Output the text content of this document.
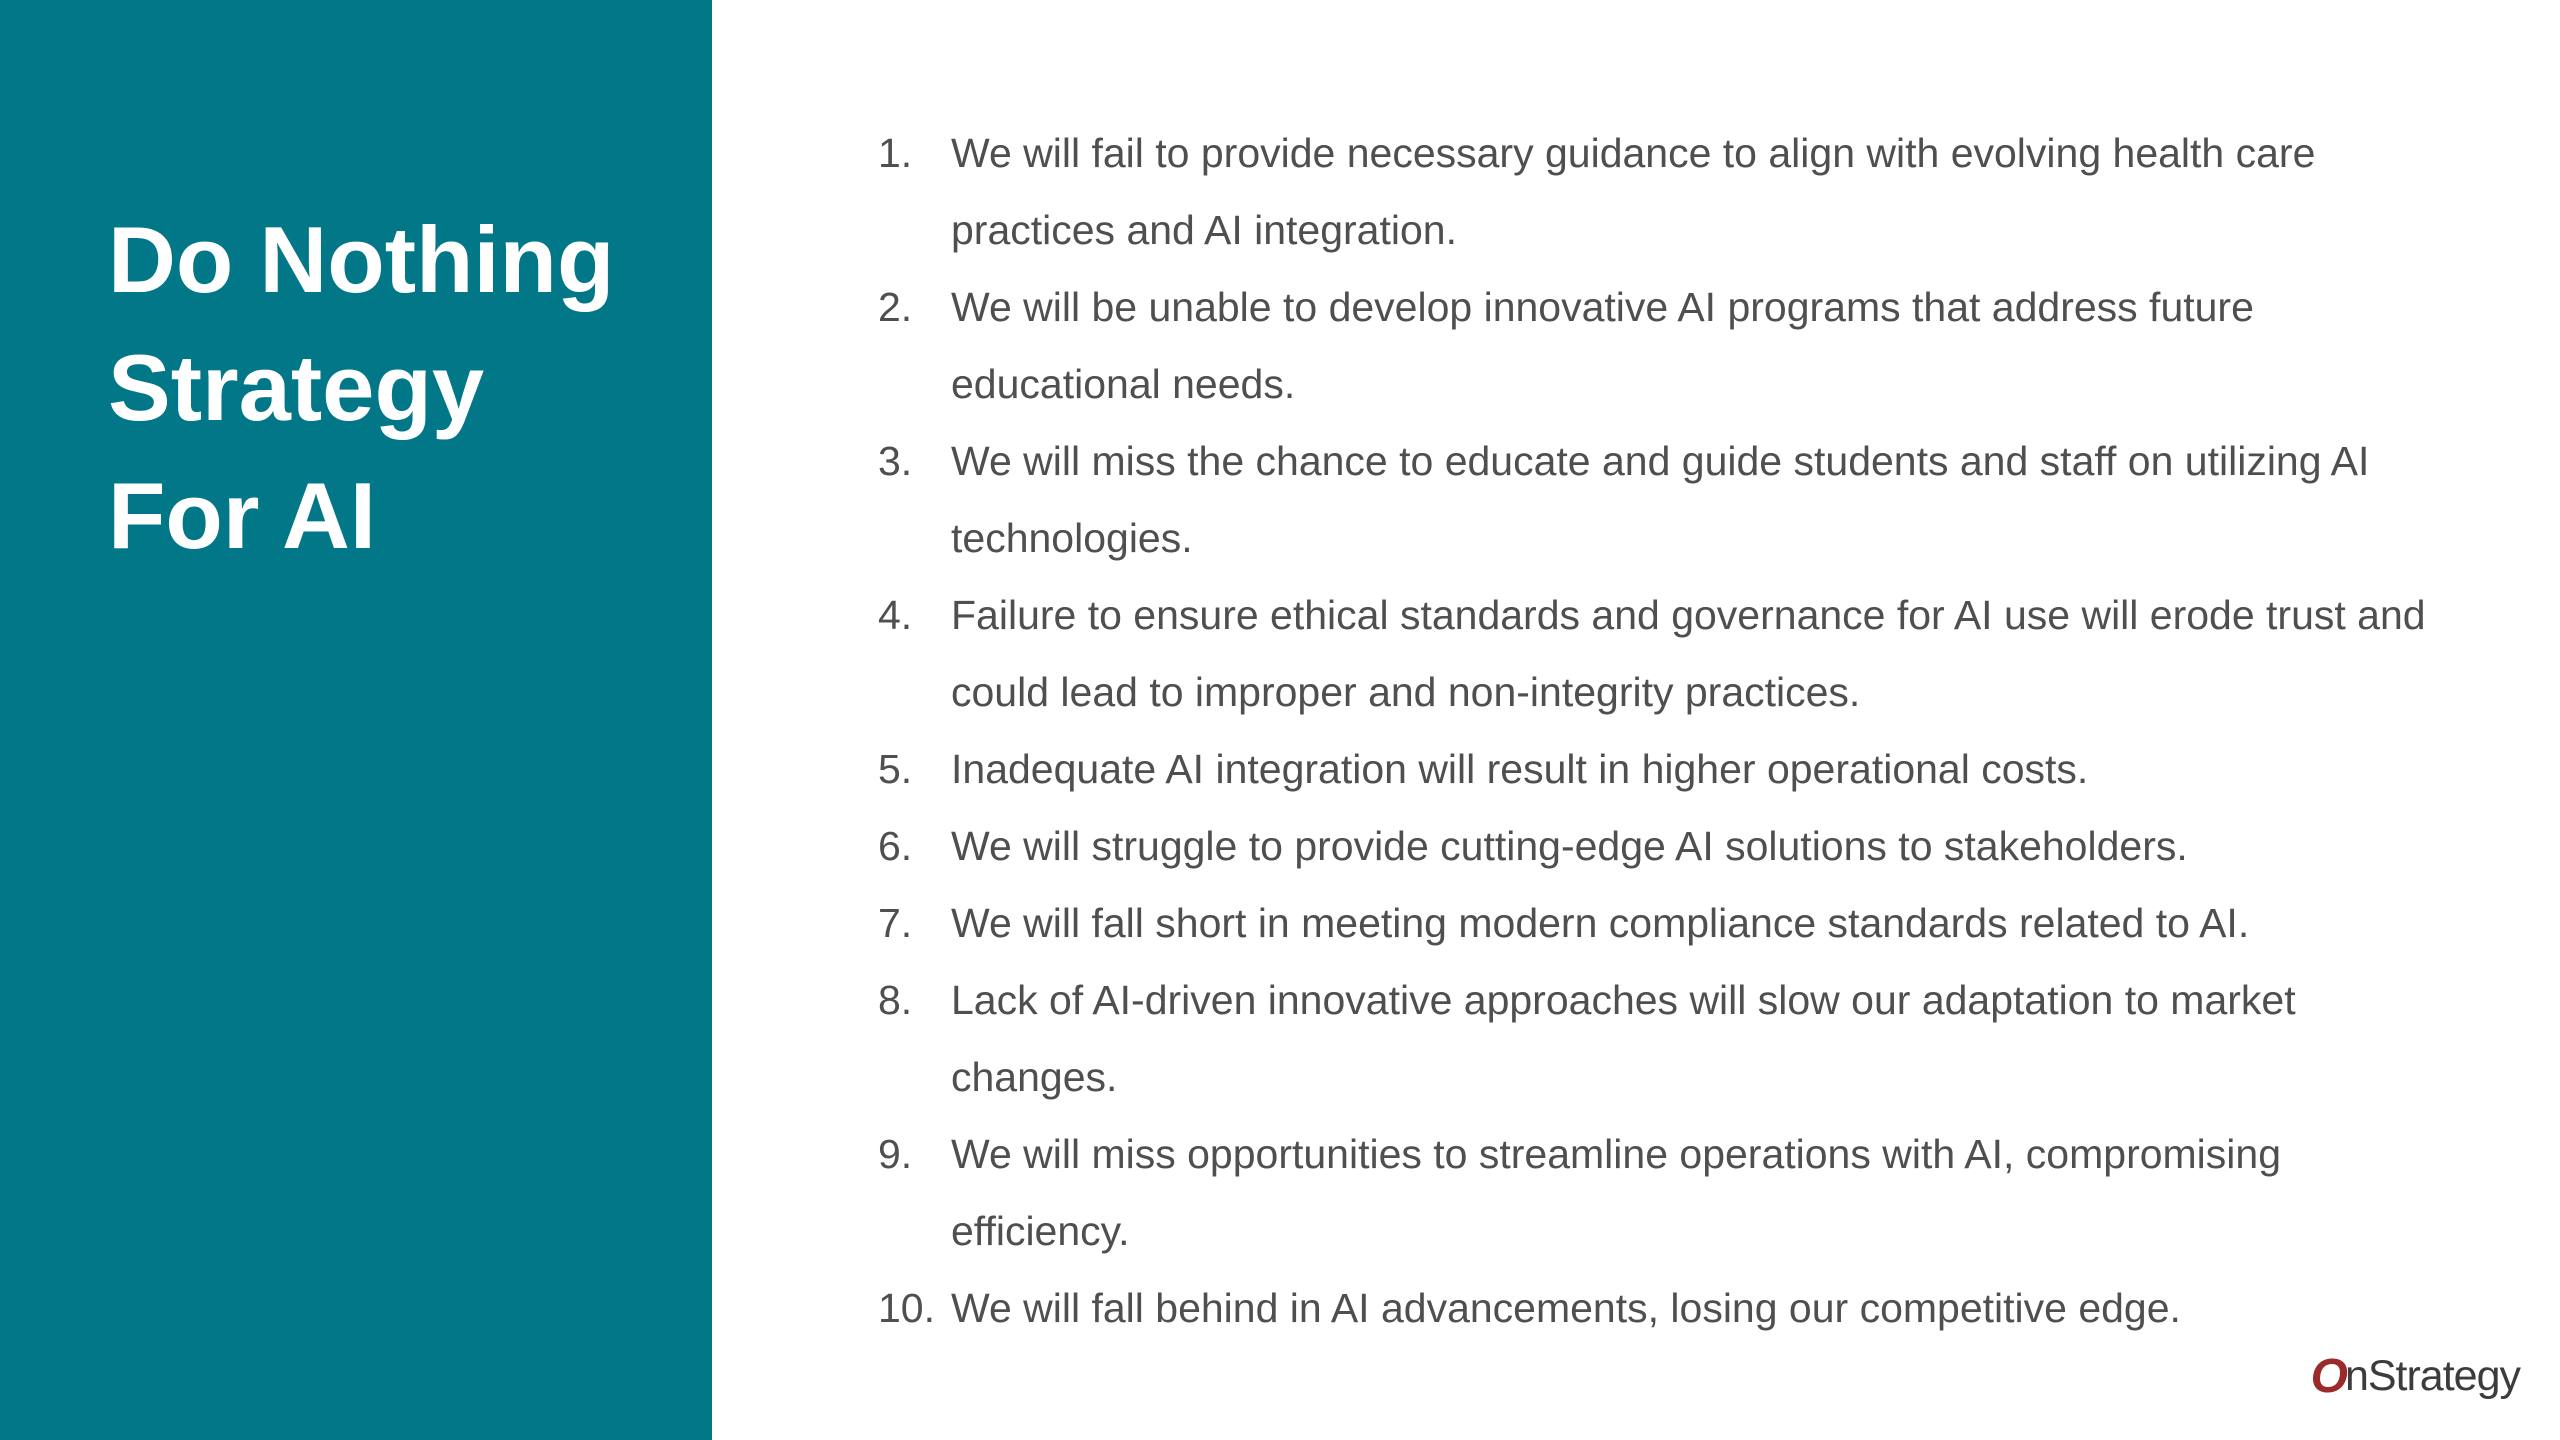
Do Nothing
Strategy
For AI
1. We will fail to provide necessary guidance to align with evolving health care practices and AI integration.
2. We will be unable to develop innovative AI programs that address future educational needs.
3. We will miss the chance to educate and guide students and staff on utilizing AI technologies.
4. Failure to ensure ethical standards and governance for AI use will erode trust and could lead to improper and non-integrity practices.
5. Inadequate AI integration will result in higher operational costs.
6. We will struggle to provide cutting-edge AI solutions to stakeholders.
7. We will fall short in meeting modern compliance standards related to AI.
8. Lack of AI-driven innovative approaches will slow our adaptation to market changes.
9. We will miss opportunities to streamline operations with AI, compromising efficiency.
10. We will fall behind in AI advancements, losing our competitive edge.
O
nStrategy
